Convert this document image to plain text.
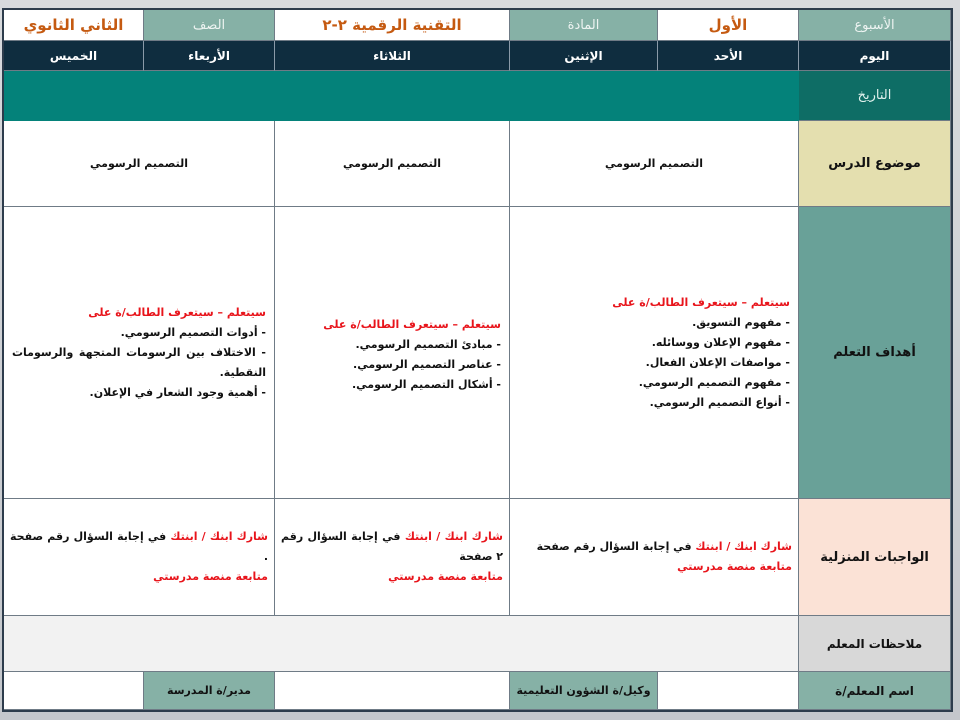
الأسبوع
الأول
المادة
التقنية الرقمية ٢-٢
الصف
الثاني الثانوي
اليوم
الأحد
الإثنين
الثلاثاء
الأربعاء
الخميس
التاريخ
موضوع الدرس
التصميم الرسومي
التصميم الرسومي
التصميم الرسومي
أهداف التعلم
سيتعلم – سيتعرف الطالب/ة على
- مفهوم التسويق.
- مفهوم الإعلان ووسائله.
- مواصفات الإعلان الفعال.
- مفهوم التصميم الرسومي.
- أنواع التصميم الرسومي.
سيتعلم – سيتعرف الطالب/ة على
- مبادئ التصميم الرسومي.
- عناصر التصميم الرسومي.
- أشكال التصميم الرسومي.
سيتعلم – سيتعرف الطالب/ة على
- أدوات التصميم الرسومي.
- الاختلاف بين الرسومات المتجهة والرسومات النقطية.
- أهمية وجود الشعار في الإعلان.
الواجبات المنزلية
شارك ابنك / ابنتك في إجابة السؤال رقم صفحة
متابعة منصة مدرستي
شارك ابنك / ابنتك في إجابة السؤال رقم ٢ صفحة
متابعة منصة مدرستي
شارك ابنك / ابنتك في إجابة السؤال رقم صفحة .
متابعة منصة مدرستي
ملاحظات المعلم
اسم المعلم/ة
وكيل/ة الشؤون التعليمية
مدير/ة المدرسة
